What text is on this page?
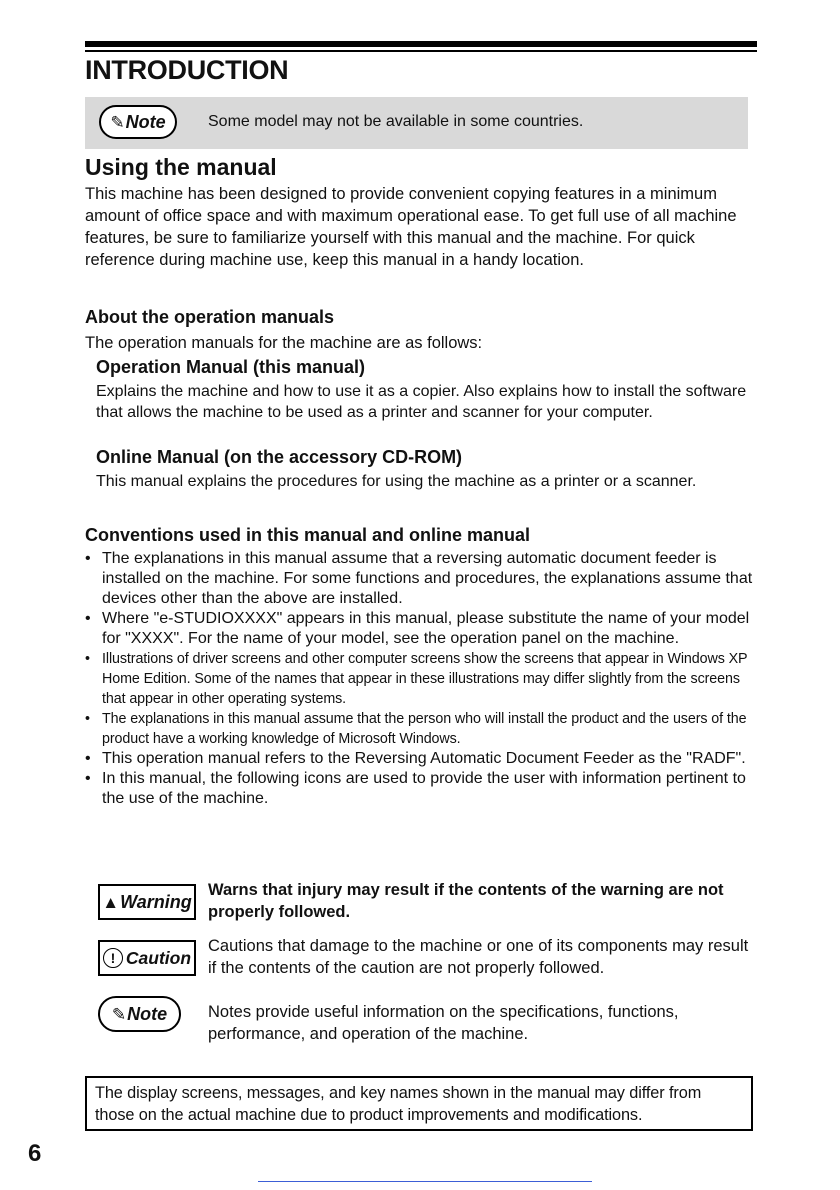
INTRODUCTION
✎Note	Some model may not be available in some countries.
Using the manual

This machine has been designed to provide convenient copying features in a minimum amount of office space and with maximum operational ease. To get full use of all machine features, be sure to familiarize yourself with this manual and the machine. For quick reference during machine use, keep this manual in a handy location.

About the operation manuals

The operation manuals for the machine are as follows:

Operation Manual (this manual)

Explains the machine and how to use it as a copier. Also explains how to install the software that allows the machine to be used as a printer and scanner for your computer.

Online Manual (on the accessory CD-ROM)

This manual explains the procedures for using the machine as a printer or a scanner.

Conventions used in this manual and online manual
• The explanations in this manual assume that a reversing automatic document feeder is installed on the machine. For some functions and procedures, the explanations assume that devices other than the above are installed.
• Where "e-STUDIOXXXX" appears in this manual, please substitute the name of your model for "XXXX". For the name of your model, see the operation panel on the machine.
• Illustrations of driver screens and other computer screens show the screens that appear in Windows XP Home Edition. Some of the names that appear in these illustrations may differ slightly from the screens that appear in other operating systems.
• The explanations in this manual assume that the person who will install the product and the users of the product have a working knowledge of Microsoft Windows.
• This operation manual refers to the Reversing Automatic Document Feeder as the "RADF".
• In this manual, the following icons are used to provide the user with information pertinent to the use of the machine.
▲Warning

Warns that injury may result if the contents of the warning are not properly followed.

! Caution

Cautions that damage to the machine or one of its components may result if the contents of the caution are not properly followed.

✎Note	Notes provide useful information on the specifications, functions, performance, and operation of the machine.

The display screens, messages, and key names shown in the manual may differ from those on the actual machine due to product improvements and modifications.
6
